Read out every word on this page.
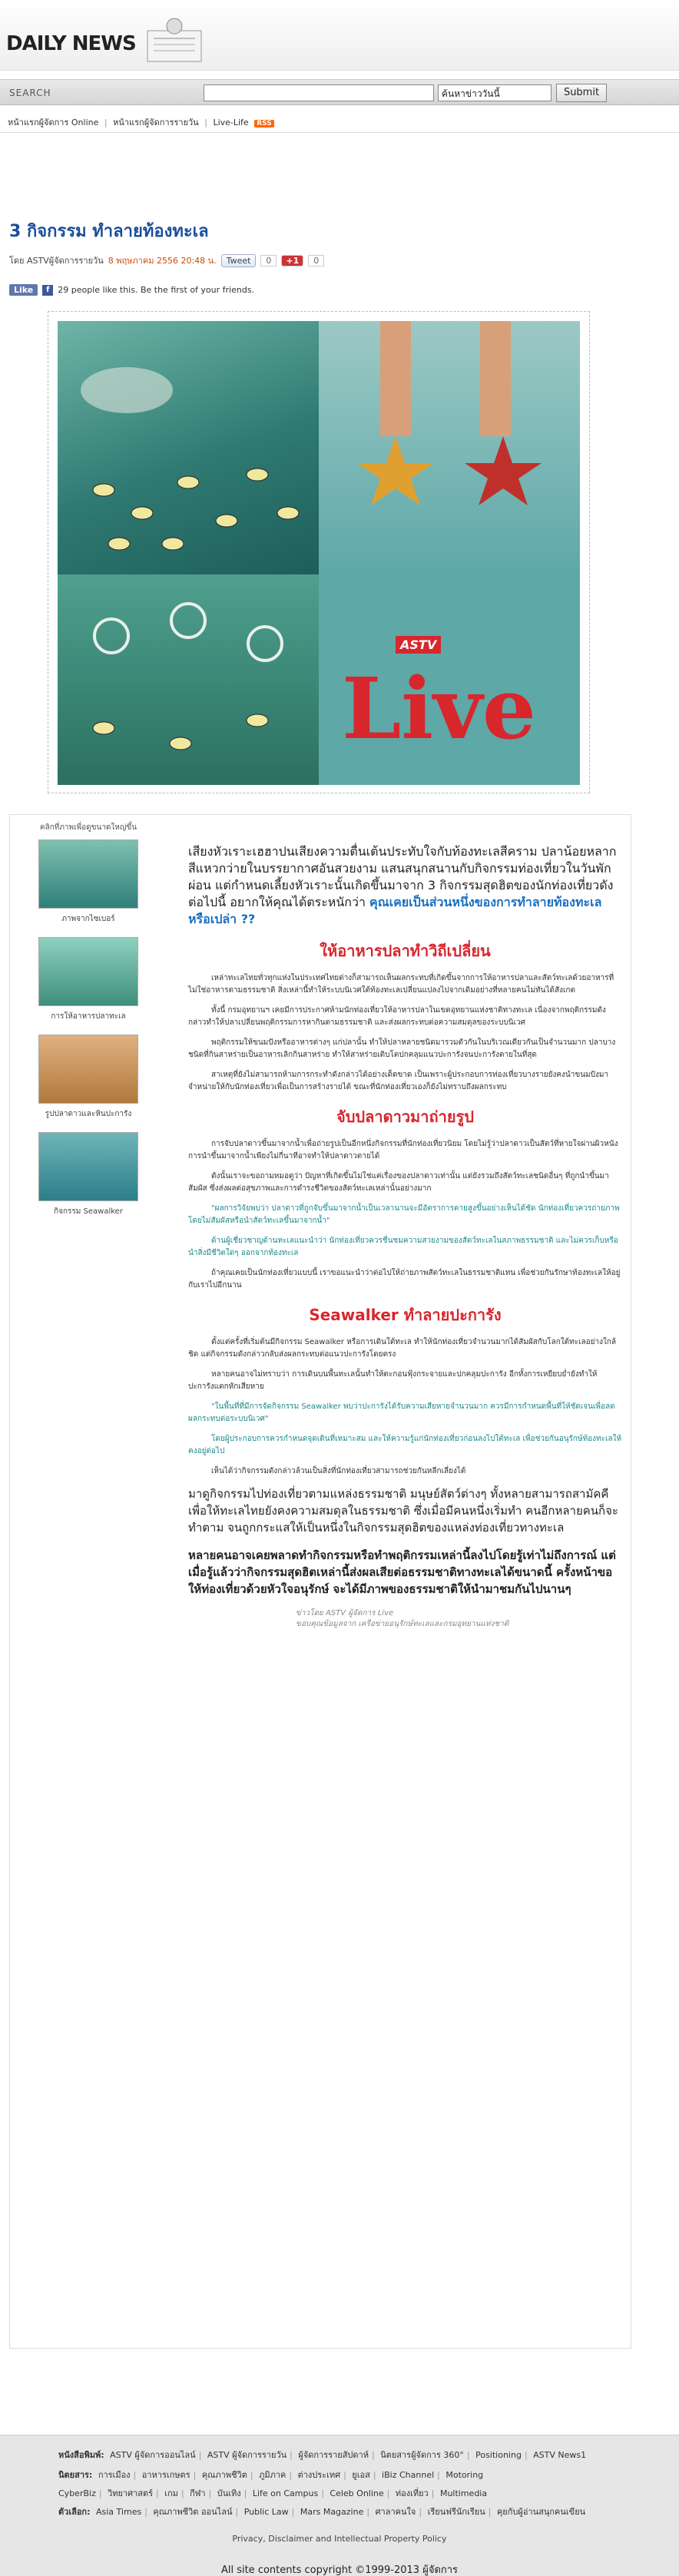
DAILY NEWS
SEARCH	ค้นหาข่าววันนี้	Submit
หน้าแรกผู้จัดการ Online | หน้าแรกผู้จัดการรายวัน | Live-Life RSS
3 กิจกรรม ทำลายท้องทะเล
โดย ASTVผู้จัดการรายวัน 8 พฤษภาคม 2556 20:48 น.	Tweet	0	+1	0
Like	f 29 people like this. Be the first of your friends.
ASTV
Live
คลิกที่ภาพเพื่อดูขนาดใหญ่ขึ้น
ภาพจากไซเบอร์
การให้อาหารปลาทะเล
รูปปลาดาวและหินปะการัง
กิจกรรม Seawalker

เสียงหัวเราะเฮฮาปนเสียงความตื่นเต้นประทับใจกับท้องทะเลสีคราม ปลาน้อยหลากสีแหวกว่ายในบรรยากาศอันสวยงาม แสนสนุกสนานกับกิจกรรมท่องเที่ยวในวันพักผ่อน แต่กำหนดเลี้ยงหัวเราะนั้นเกิดขึ้นมาจาก 3 กิจกรรมสุดฮิตของนักท่องเที่ยวดังต่อไปนี้ อยากให้คุณได้ตระหนักว่า คุณเคยเป็นส่วนหนึ่งของการทำลายท้องทะเลหรือเปล่า ??

ให้อาหารปลาทำวิถีเปลี่ยน

เหล่าทะเลไทยทั่วทุกแห่งในประเทศไทยต่างก็สามารถเห็นผลกระทบที่เกิดขึ้นจากการให้อาหารปลาและสัตว์ทะเลด้วยอาหารที่ไม่ใช่อาหารตามธรรมชาติ สิ่งเหล่านี้ทำให้ระบบนิเวศใต้ท้องทะเลเปลี่ยนแปลงไปจากเดิมอย่างที่หลายคนไม่ทันได้สังเกต

ทั้งนี้ กรมอุทยานฯ เคยมีการประกาศห้ามนักท่องเที่ยวให้อาหารปลาในเขตอุทยานแห่งชาติทางทะเล เนื่องจากพฤติกรรมดังกล่าวทำให้ปลาเปลี่ยนพฤติกรรมการหากินตามธรรมชาติ และส่งผลกระทบต่อความสมดุลของระบบนิเวศ

พฤติกรรมให้ขนมปังหรืออาหารต่างๆ แก่ปลานั้น ทำให้ปลาหลายชนิดมารวมตัวกันในบริเวณเดียวกันเป็นจำนวนมาก ปลาบางชนิดที่กินสาหร่ายเป็นอาหารเลิกกินสาหร่าย ทำให้สาหร่ายเติบโตปกคลุมแนวปะการังจนปะการังตายในที่สุด

สาเหตุที่ยังไม่สามารถห้ามการกระทำดังกล่าวได้อย่างเด็ดขาด เป็นเพราะผู้ประกอบการท่องเที่ยวบางรายยังคงนำขนมปังมาจำหน่ายให้กับนักท่องเที่ยวเพื่อเป็นการสร้างรายได้ ขณะที่นักท่องเที่ยวเองก็ยังไม่ทราบถึงผลกระทบ

จับปลาดาวมาถ่ายรูป

การจับปลาดาวขึ้นมาจากน้ำเพื่อถ่ายรูปเป็นอีกหนึ่งกิจกรรมที่นักท่องเที่ยวนิยม โดยไม่รู้ว่าปลาดาวเป็นสัตว์ที่หายใจผ่านผิวหนัง การนำขึ้นมาจากน้ำเพียงไม่กี่นาทีอาจทำให้ปลาดาวตายได้

ดังนั้นเราจะขอถามหมอดูว่า ปัญหาที่เกิดขึ้นไม่ใช่แค่เรื่องของปลาดาวเท่านั้น แต่ยังรวมถึงสัตว์ทะเลชนิดอื่นๆ ที่ถูกนำขึ้นมาสัมผัส ซึ่งส่งผลต่อสุขภาพและการดำรงชีวิตของสัตว์ทะเลเหล่านั้นอย่างมาก

"ผลการวิจัยพบว่า ปลาดาวที่ถูกจับขึ้นมาจากน้ำเป็นเวลานานจะมีอัตราการตายสูงขึ้นอย่างเห็นได้ชัด นักท่องเที่ยวควรถ่ายภาพโดยไม่สัมผัสหรือนำสัตว์ทะเลขึ้นมาจากน้ำ"

ด้านผู้เชี่ยวชาญด้านทะเลแนะนำว่า นักท่องเที่ยวควรชื่นชมความสวยงามของสัตว์ทะเลในสภาพธรรมชาติ และไม่ควรเก็บหรือนำสิ่งมีชีวิตใดๆ ออกจากท้องทะเล

ถ้าคุณเคยเป็นนักท่องเที่ยวแบบนี้ เราขอแนะนำว่าต่อไปให้ถ่ายภาพสัตว์ทะเลในธรรมชาติแทน เพื่อช่วยกันรักษาท้องทะเลให้อยู่กับเราไปอีกนาน

Seawalker ทำลายปะการัง

ตั้งแต่ครั้งที่เริ่มต้นมีกิจกรรม Seawalker หรือการเดินใต้ทะเล ทำให้นักท่องเที่ยวจำนวนมากได้สัมผัสกับโลกใต้ทะเลอย่างใกล้ชิด แต่กิจกรรมดังกล่าวกลับส่งผลกระทบต่อแนวปะการังโดยตรง

หลายคนอาจไม่ทราบว่า การเดินบนพื้นทะเลนั้นทำให้ตะกอนฟุ้งกระจายและปกคลุมปะการัง อีกทั้งการเหยียบย่ำยังทำให้ปะการังแตกหักเสียหาย

"ในพื้นที่ที่มีการจัดกิจกรรม Seawalker พบว่าปะการังได้รับความเสียหายจำนวนมาก ควรมีการกำหนดพื้นที่ให้ชัดเจนเพื่อลดผลกระทบต่อระบบนิเวศ"

โดยผู้ประกอบการควรกำหนดจุดเดินที่เหมาะสม และให้ความรู้แก่นักท่องเที่ยวก่อนลงไปใต้ทะเล เพื่อช่วยกันอนุรักษ์ท้องทะเลให้คงอยู่ต่อไป

เห็นได้ว่ากิจกรรมดังกล่าวล้วนเป็นสิ่งที่นักท่องเที่ยวสามารถช่วยกันหลีกเลี่ยงได้

มาดูกิจกรรมไปท่องเที่ยวตามแหล่งธรรมชาติ มนุษย์สัตว์ต่างๆ ทั้งหลายสามารถสามัคคีเพื่อให้ทะเลไทยยังคงความสมดุลในธรรมชาติ ซึ่งเมื่อมีคนหนึ่งเริ่มทำ คนอีกหลายคนก็จะทำตาม จนถูกกระแสให้เป็นหนึ่งในกิจกรรมสุดฮิตของแหล่งท่องเที่ยวทางทะเล

หลายคนอาจเคยพลาดทำกิจกรรมหรือทำพฤติกรรมเหล่านี้ลงไปโดยรู้เท่าไม่ถึงการณ์ แต่เมื่อรู้แล้วว่ากิจกรรมสุดฮิตเหล่านี้ส่งผลเสียต่อธรรมชาติทางทะเลได้ขนาดนี้ ครั้งหน้าขอให้ท่องเที่ยวด้วยหัวใจอนุรักษ์ จะได้มีภาพของธรรมชาติให้นำมาชมกันไปนานๆ

ข่าวโดย ASTV ผู้จัดการ Live
ขอบคุณข้อมูลจาก เครือข่ายอนุรักษ์ทะเลและกรมอุทยานแห่งชาติ
หนังสือพิมพ์: ASTV ผู้จัดการออนไลน์ | ASTV ผู้จัดการรายวัน | ผู้จัดการรายสัปดาห์ | นิตยสารผู้จัดการ 360° | Positioning | ASTV News1
นิตยสาร: การเมือง | อาหารเกษตร | คุณภาพชีวิต | ภูมิภาค | ต่างประเทศ | ยูเอส | iBiz Channel | Motoring
CyberBiz | วิทยาศาสตร์ | เกม | กีฬา | บันเทิง | Life on Campus | Celeb Online | ท่องเที่ยว | Multimedia
ตัวเลือก: Asia Times | คุณภาพชีวิต ออนไลน์ | Public Law | Mars Magazine | ศาลาคนใจ | เรียนฟรีนักเรียน | คุยกับผู้อ่านสนุกคนเขียน
Privacy, Disclaimer and Intellectual Property Policy
All site contents copyright ©1999-2013 ผู้จัดการ
